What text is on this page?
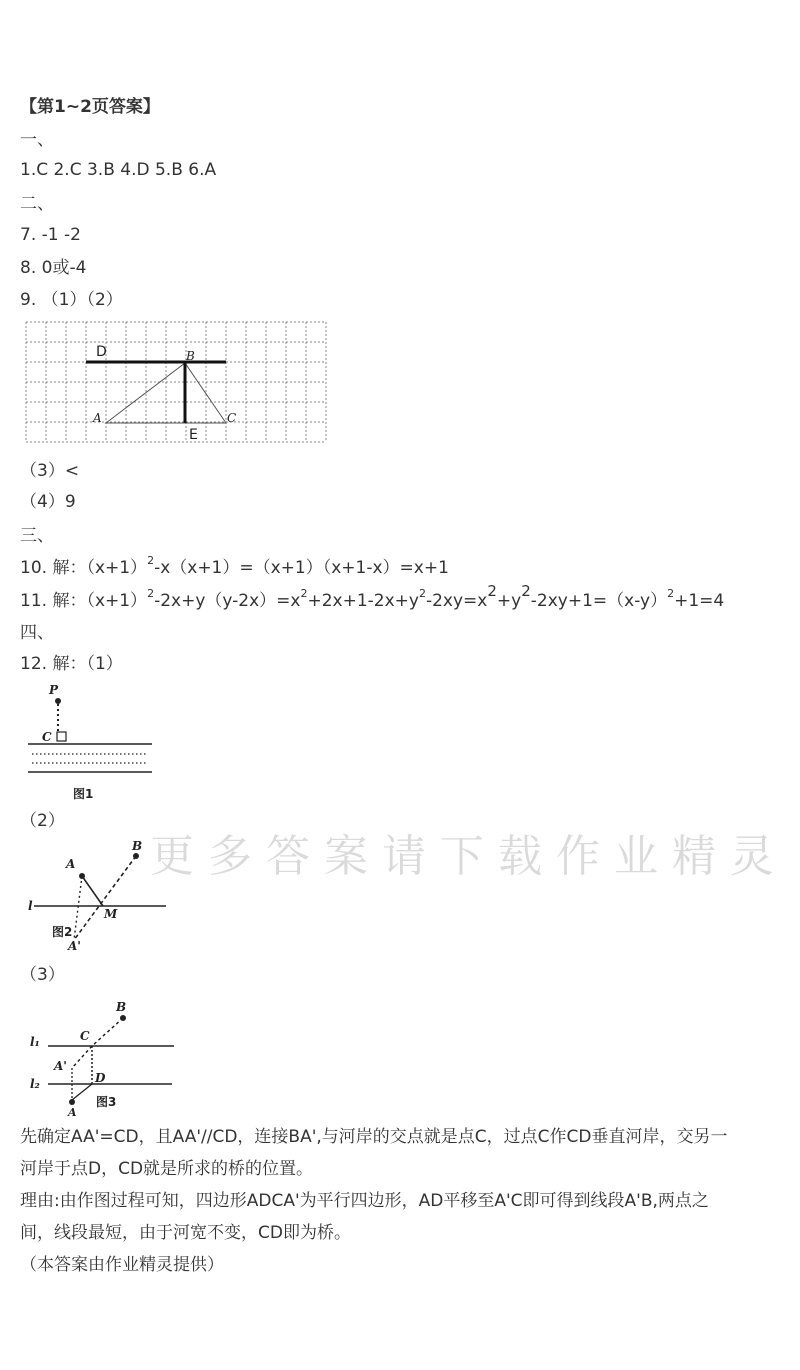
【第1~2页答案】
一、
1.C 2.C 3.B 4.D 5.B 6.A
二、
7. -1 -2
8. 0或-4
9. （1）（2）
D	B
A	C
E
（3）<
（4）9
三、
10. 解：$(x+1)^2-x(x+1)=(x+1)(x+1-x)=x+1$
11. 解：$(x+1)^2-2x+y(y-2x)=x^2+2x+1-2x+y^2-2xy=x^2+y^2-2xy+1=(x-y)^2+1=4$
四、
12. 解：（1）
P
C
图1
（2）
B
A
l
M
图2
A'
（3）
B
C
l₁
A'
D
l₂
图3
A
先确定AA'=CD，且AA'//CD，连接BA',与河岸的交点就是点C，过点C作CD垂直河岸，交另一
河岸于点D，CD就是所求的桥的位置。
理由:由作图过程可知，四边形ADCA'为平行四边形，AD平移至A'C即可得到线段A'B,两点之
间，线段最短，由于河宽不变，CD即为桥。
（本答案由作业精灵提供）
更多答案请下载作业精灵
